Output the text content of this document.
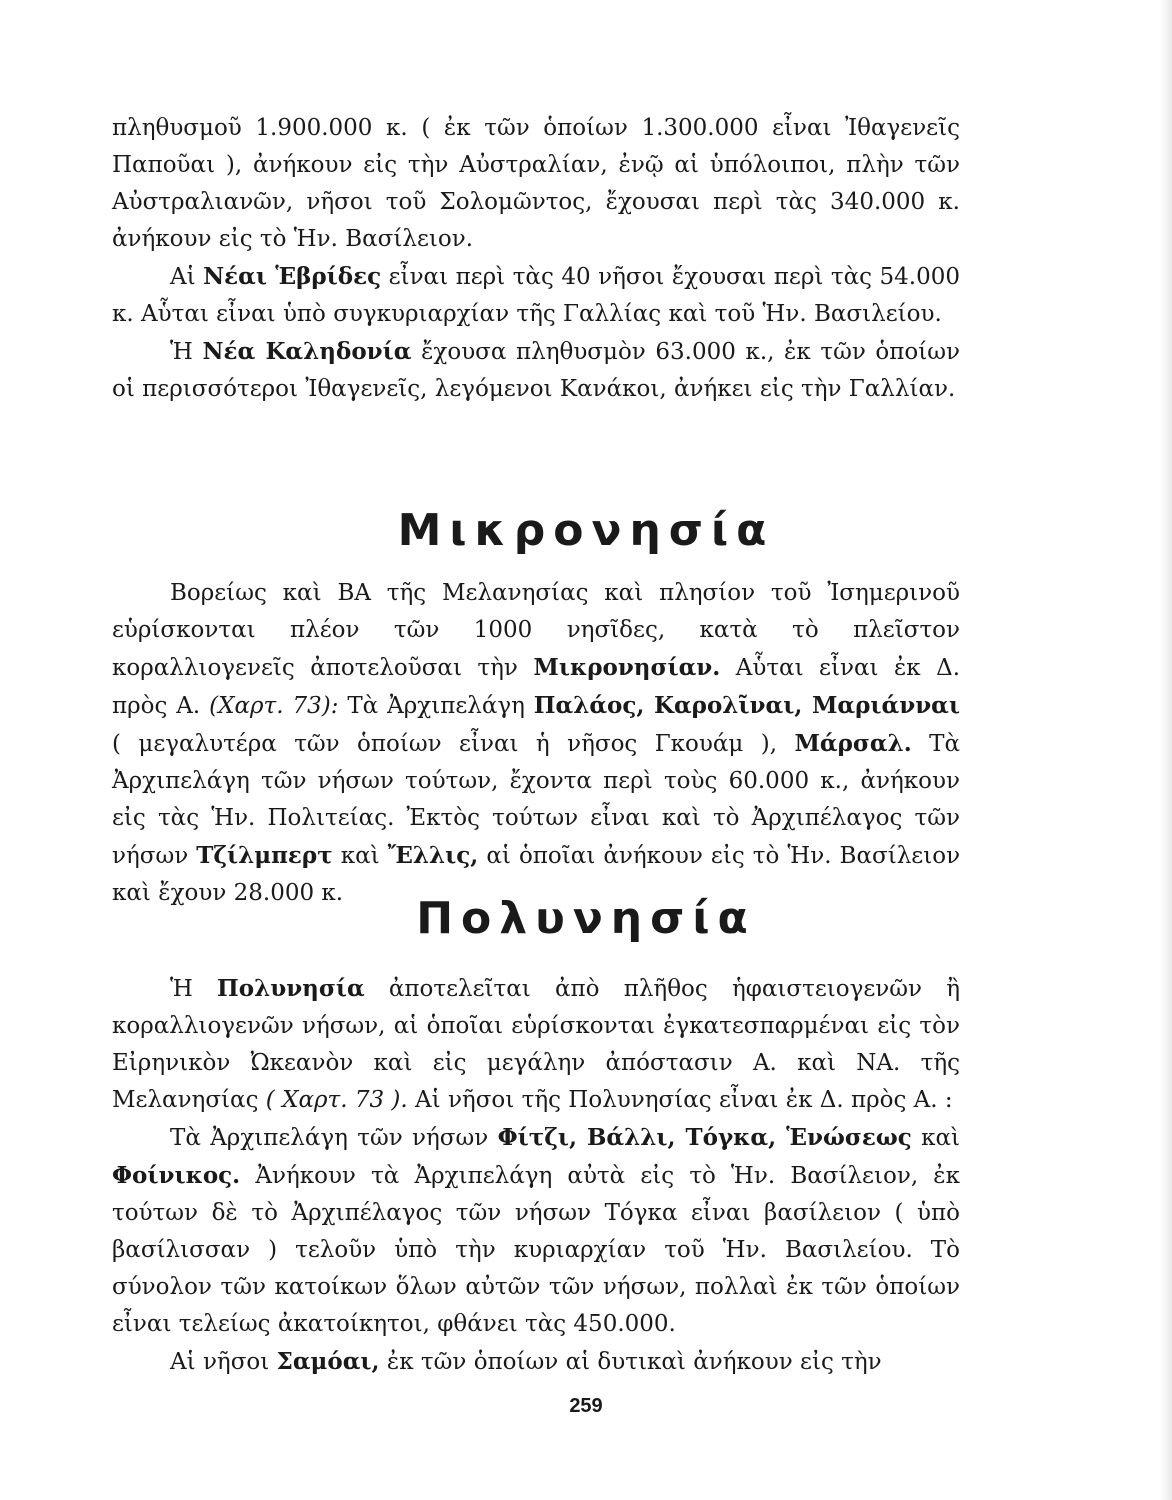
πληθυσμοῦ 1.900.000 κ. ( ἐκ τῶν ὁποίων 1.300.000 εἶναι Ἰθαγενεῖς Παποῦαι ), ἀνήκουν εἰς τὴν Αὐστραλίαν, ἐνῷ αἱ ὑπόλοιποι, πλὴν τῶν Αὐστραλιανῶν, νῆσοι τοῦ Σολομῶντος, ἔχουσαι περὶ τὰς 340.000 κ. ἀνήκουν εἰς τὸ Ἡν. Βασίλειον.

Αἱ Νέαι Ἑβρίδες εἶναι περὶ τὰς 40 νῆσοι ἔχουσαι περὶ τὰς 54.000 κ. Αὗται εἶναι ὑπὸ συγκυριαρχίαν τῆς Γαλλίας καὶ τοῦ Ἡν. Βασιλείου.

Ἡ Νέα Καληδονία ἔχουσα πληθυσμὸν 63.000 κ., ἐκ τῶν ὁποίων οἱ περισσότεροι Ἰθαγενεῖς, λεγόμενοι Κανάκοι, ἀνήκει εἰς τὴν Γαλλίαν.

Μικρονησία

Βορείως καὶ ΒΑ τῆς Μελανησίας καὶ πλησίον τοῦ Ἰσημερινοῦ εὑρίσκονται πλέον τῶν 1000 νησῖδες, κατὰ τὸ πλεῖστον κοραλλιογενεῖς ἀποτελοῦσαι τὴν Μικρονησίαν. Αὗται εἶναι ἐκ Δ. πρὸς Α. (Χαρτ. 73): Τὰ Ἀρχιπελάγη Παλάος, Καρολῖναι, Μαριάνναι ( μεγαλυτέρα τῶν ὁποίων εἶναι ἡ νῆσος Γκουάμ ), Μάρσαλ. Τὰ Ἀρχιπελάγη τῶν νήσων τούτων, ἔχοντα περὶ τοὺς 60.000 κ., ἀνήκουν εἰς τὰς Ἡν. Πολιτείας. Ἐκτὸς τούτων εἶναι καὶ τὸ Ἀρχιπέλαγος τῶν νήσων Τζίλμπερτ καὶ Ἔλλις, αἱ ὁποῖαι ἀνήκουν εἰς τὸ Ἡν. Βασίλειον καὶ ἔχουν 28.000 κ.	Πολυνησία

Ἡ Πολυνησία ἀποτελεῖται ἀπὸ πλῆθος ἡφαιστειογενῶν ἢ κοραλλιογενῶν νήσων, αἱ ὁποῖαι εὑρίσκονται ἐγκατεσπαρμέναι εἰς τὸν Εἰρηνικὸν Ὠκεανὸν καὶ εἰς μεγάλην ἀπόστασιν Α. καὶ ΝΑ. τῆς Μελανησίας ( Χαρτ. 73 ). Αἱ νῆσοι τῆς Πολυνησίας εἶναι ἐκ Δ. πρὸς Α. :

Τὰ Ἀρχιπελάγη τῶν νήσων Φίτζι, Βάλλι, Τόγκα, Ἑνώσεως καὶ Φοίνικος. Ἀνήκουν τὰ Ἀρχιπελάγη αὐτὰ εἰς τὸ Ἡν. Βασίλειον, ἐκ τούτων δὲ τὸ Ἀρχιπέλαγος τῶν νήσων Τόγκα εἶναι βασίλειον ( ὑπὸ βασίλισσαν ) τελοῦν ὑπὸ τὴν κυριαρχίαν τοῦ Ἡν. Βασιλείου. Τὸ σύνολον τῶν κατοίκων ὅλων αὐτῶν τῶν νήσων, πολλαὶ ἐκ τῶν ὁποίων εἶναι τελείως ἀκατοίκητοι, φθάνει τὰς 450.000.

Αἱ νῆσοι Σαμόαι, ἐκ τῶν ὁποίων αἱ δυτικαὶ ἀνήκουν εἰς τὴν

259
